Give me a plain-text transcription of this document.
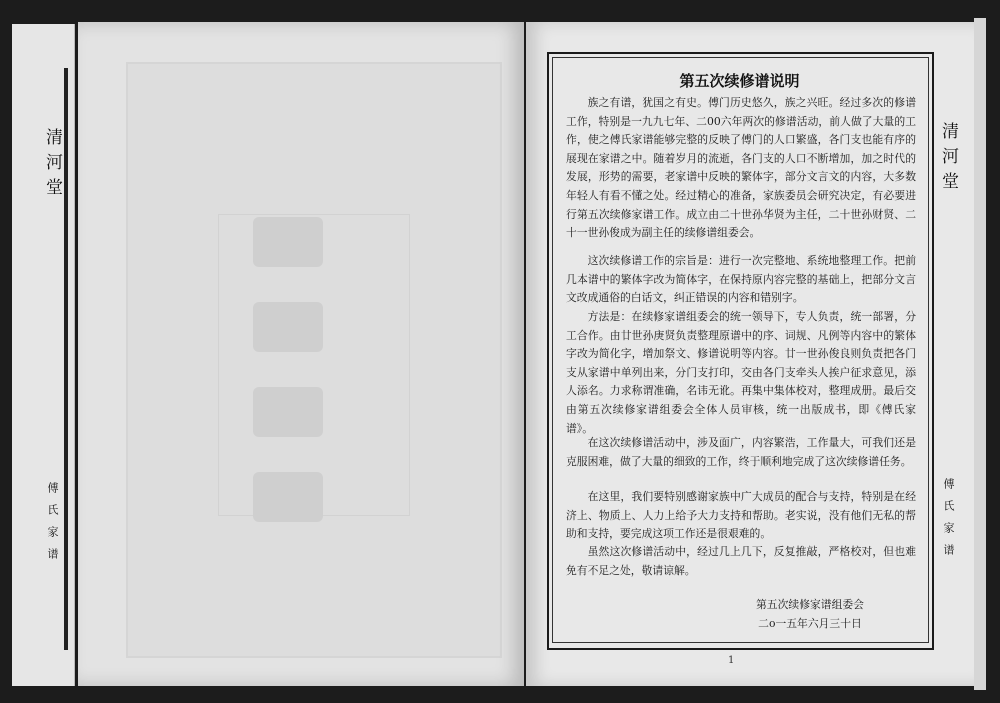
清河堂
傅氏家谱
第五次续修谱说明

族之有谱，犹国之有史。傅门历史悠久，族之兴旺。经过多次的修谱工作，特别是一九九七年、二00六年两次的修谱活动，前人做了大量的工作，使之傅氏家谱能够完整的反映了傅门的人口繁盛，各门支也能有序的展现在家谱之中。随着岁月的流逝，各门支的人口不断增加，加之时代的发展，形势的需要，老家谱中反映的繁体字，部分文言文的内容，大多数年轻人有看不懂之处。经过精心的准备，家族委员会研究决定，有必要进行第五次续修家谱工作。成立由二十世孙华贤为主任，二十世孙财贤、二十一世孙俊成为副主任的续修谱组委会。

这次续修谱工作的宗旨是：进行一次完整地、系统地整理工作。把前几本谱中的繁体字改为简体字，在保持原内容完整的基础上，把部分文言文改成通俗的白话文，纠正错误的内容和错别字。

方法是：在续修家谱组委会的统一领导下，专人负责，统一部署，分工合作。由廿世孙庚贤负责整理原谱中的序、词规、凡例等内容中的繁体字改为简化字，增加祭文、修谱说明等内容。廿一世孙俊良则负责把各门支从家谱中单列出来，分门支打印，交由各门支牵头人挨户征求意见，添人添名。力求称谓准确，名讳无讹。再集中集体校对，整理成册。最后交由第五次续修家谱组委会全体人员审核，统一出版成书，即《傅氏家谱》。

在这次续修谱活动中，涉及面广，内容繁浩，工作量大，可我们还是克服困难，做了大量的细致的工作，终于顺利地完成了这次续修谱任务。

在这里，我们要特别感谢家族中广大成员的配合与支持，特别是在经济上、物质上、人力上给予大力支持和帮助。老实说，没有他们无私的帮助和支持，要完成这项工作还是很艰难的。

虽然这次修谱活动中，经过几上几下，反复推敲，严格校对，但也难免有不足之处，敬请谅解。

第五次续修家谱组委会
二o一五年六月三十日
清河堂
傅氏家谱
1
